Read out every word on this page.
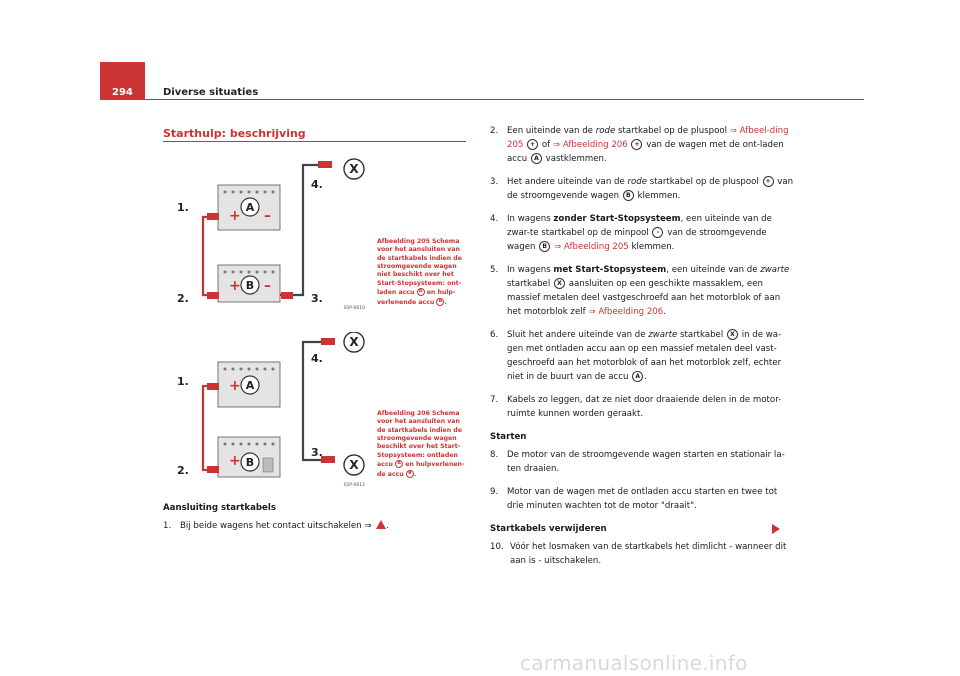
294	Diverse situaties
Starthulp: beschrijving
+ –
+ –
A
B
X
1.
2.	3.
4.
S5P-0610
Afbeelding 205 Schema voor het aansluiten van de startkabels indien de stroomgevende wagen niet beschikt over het Start-Stopsysteem: ont-laden accu A en hulp-verlenende accu B .
+
+
A
B
X
X
1.
2.
3.
4.
S5P-0612
Afbeelding 206 Schema voor het aansluiten van de startkabels indien de stroomgevende wagen beschikt over het Start-Stopsysteem: ontladen accu A en hulpverlenen-de accu B .
Aansluiting startkabels
1.	Bij beide wagens het contact uitschakelen ⇒ .
2.	Een uiteinde van de rode startkabel op de pluspool ⇒ Afbeel-ding 205 + of ⇒ Afbeelding 206 + van de wagen met de ont-laden accu A vastklemmen.
3.	Het andere uiteinde van de rode startkabel op de pluspool + van de stroomgevende wagen B klemmen.
4.	In wagens zonder Start-Stopsysteem, een uiteinde van de zwar-te startkabel op de minpool - van de stroomgevende wagen B ⇒ Afbeelding 205 klemmen.
5.	In wagens met Start-Stopsysteem, een uiteinde van de zwarte startkabel X aansluiten op een geschikte massaklem, een massief metalen deel vastgeschroefd aan het motorblok of aan het motorblok zelf ⇒ Afbeelding 206.
6.	Sluit het andere uiteinde van de zwarte startkabel X in de wa-gen met ontladen accu aan op een massief metalen deel vast-geschroefd aan het motorblok of aan het motorblok zelf, echter niet in de buurt van de accu A .
7.	Kabels zo leggen, dat ze niet door draaiende delen in de motor-ruimte kunnen worden geraakt.
Starten
8.	De motor van de stroomgevende wagen starten en stationair la-ten draaien.
9.	Motor van de wagen met de ontladen accu starten en twee tot drie minuten wachten tot de motor "draait".
Startkabels verwijderen
10. Vóór het losmaken van de startkabels het dimlicht - wanneer dit aan is - uitschakelen.
carmanualsonline.info
